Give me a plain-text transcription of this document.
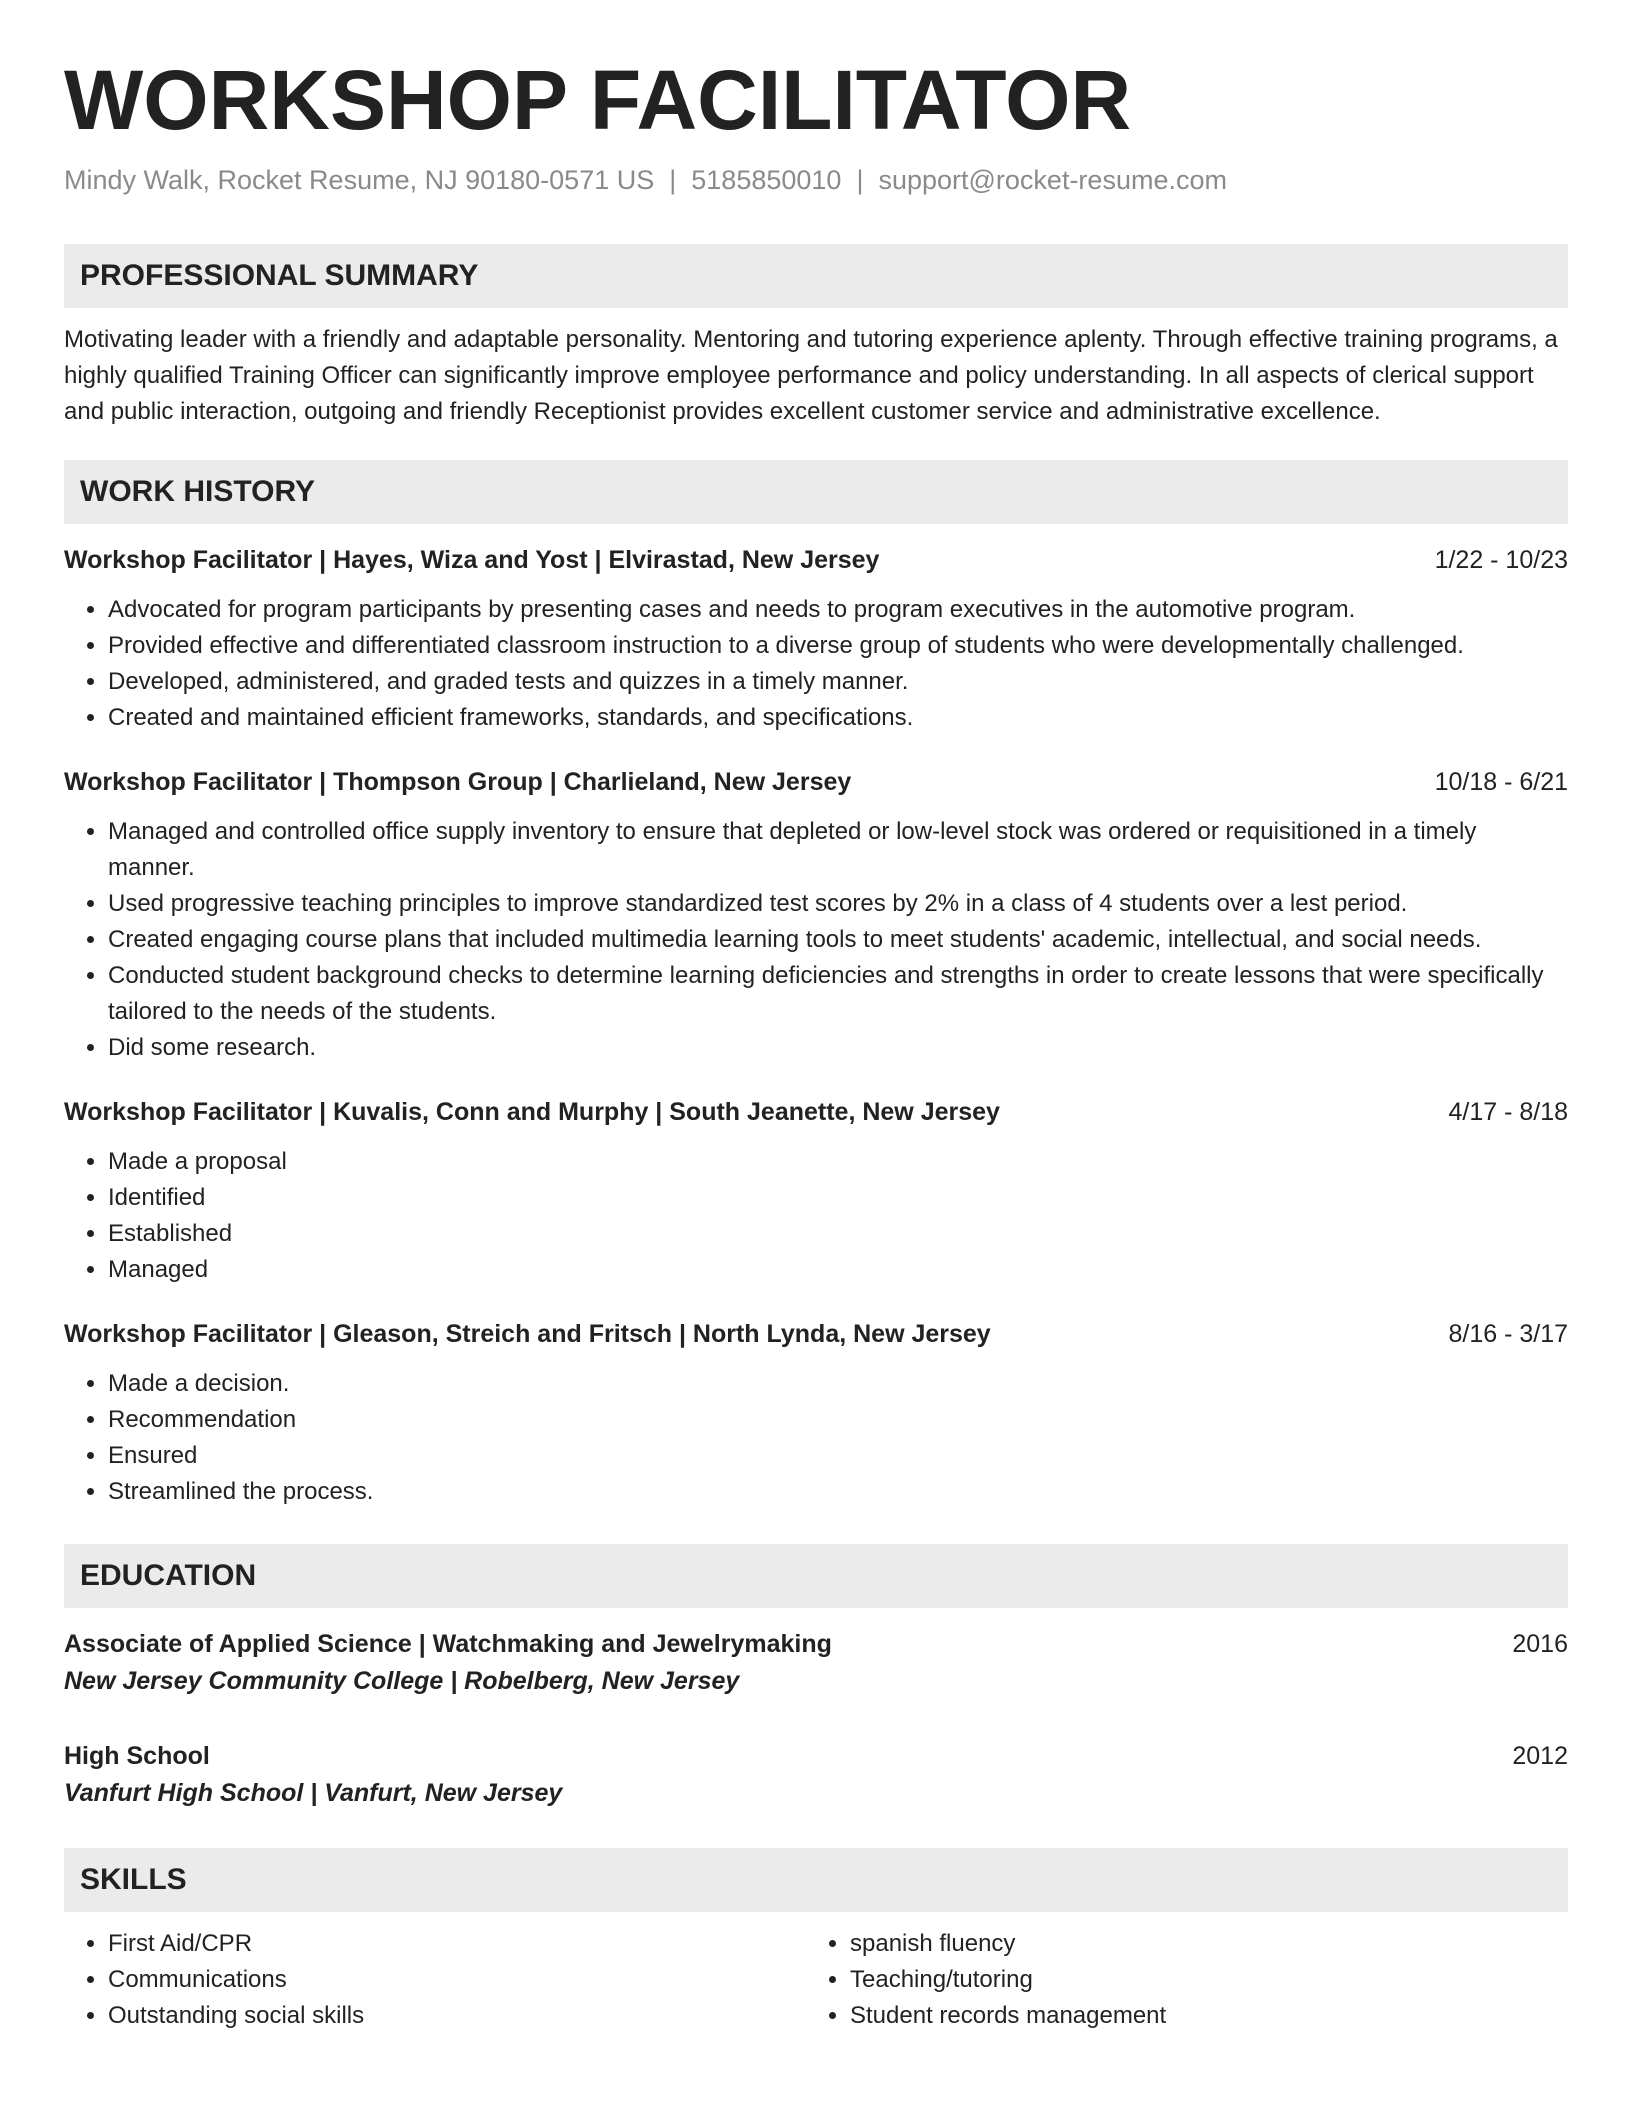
WORKSHOP FACILITATOR
Mindy Walk, Rocket Resume, NJ 90180-0571 US | 5185850010 | support@rocket-resume.com
PROFESSIONAL SUMMARY

Motivating leader with a friendly and adaptable personality. Mentoring and tutoring experience aplenty. Through effective training programs, a highly qualified Training Officer can significantly improve employee performance and policy understanding. In all aspects of clerical support and public interaction, outgoing and friendly Receptionist provides excellent customer service and administrative excellence.

WORK HISTORY
Workshop Facilitator | Hayes, Wiza and Yost | Elvirastad, New Jersey	1/22 - 10/23
• Advocated for program participants by presenting cases and needs to program executives in the automotive program.
• Provided effective and differentiated classroom instruction to a diverse group of students who were developmentally challenged.
• Developed, administered, and graded tests and quizzes in a timely manner.
• Created and maintained efficient frameworks, standards, and specifications.
Workshop Facilitator | Thompson Group | Charlieland, New Jersey	10/18 - 6/21
• Managed and controlled office supply inventory to ensure that depleted or low-level stock was ordered or requisitioned in a timely manner.
• Used progressive teaching principles to improve standardized test scores by 2% in a class of 4 students over a lest period.
• Created engaging course plans that included multimedia learning tools to meet students' academic, intellectual, and social needs.
• Conducted student background checks to determine learning deficiencies and strengths in order to create lessons that were specifically tailored to the needs of the students.
• Did some research.
Workshop Facilitator | Kuvalis, Conn and Murphy | South Jeanette, New Jersey	4/17 - 8/18
• Made a proposal
• Identified
• Established
• Managed
Workshop Facilitator | Gleason, Streich and Fritsch | North Lynda, New Jersey	8/16 - 3/17
• Made a decision.
• Recommendation
• Ensured
• Streamlined the process.
EDUCATION
Associate of Applied Science | Watchmaking and Jewelrymaking	2016
New Jersey Community College | Robelberg, New Jersey
High School	2012
Vanfurt High School | Vanfurt, New Jersey
SKILLS
• First Aid/CPR
• Communications
• Outstanding social skills
• spanish fluency
• Teaching/tutoring
• Student records management
